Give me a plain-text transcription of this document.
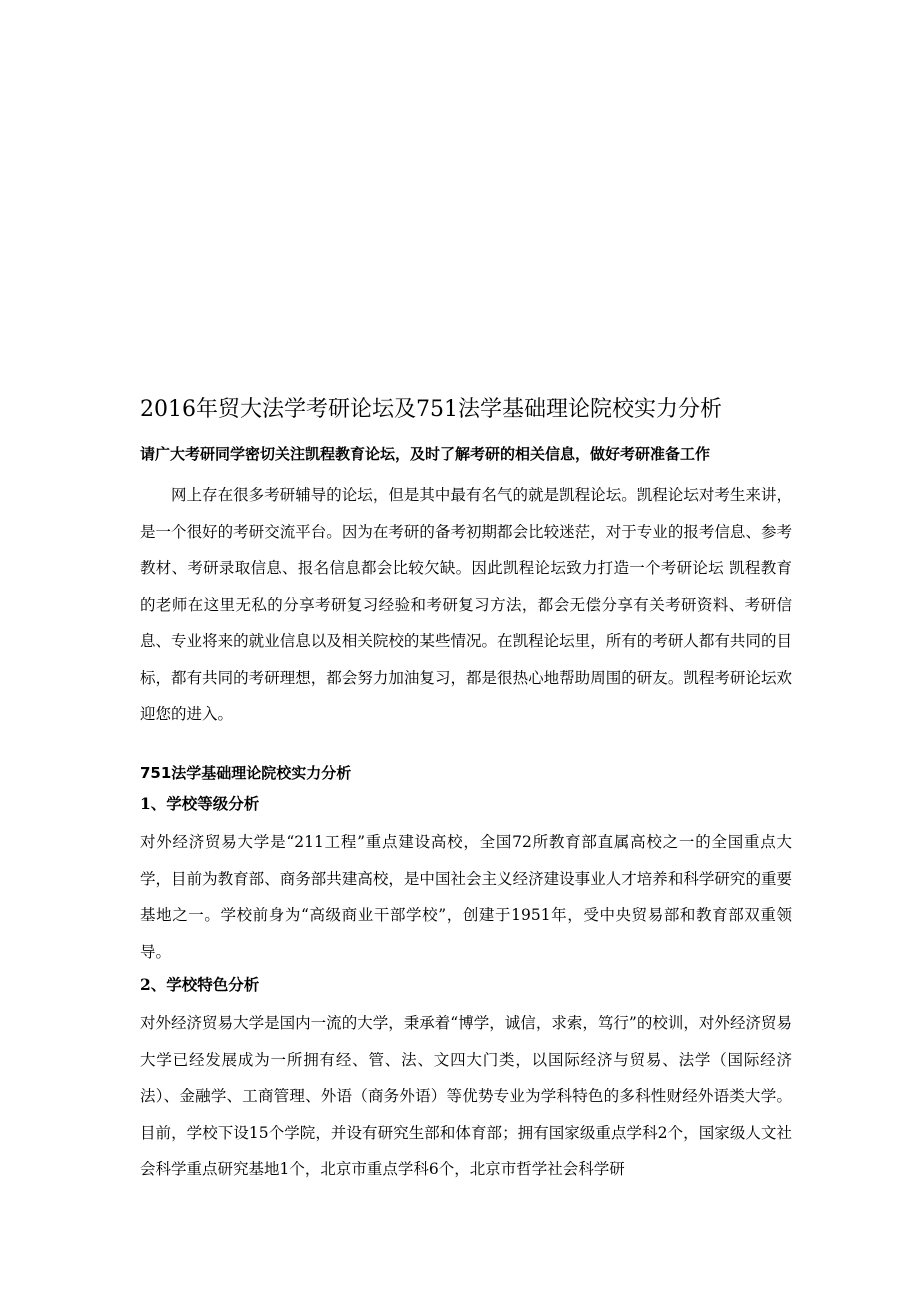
2016年贸大法学考研论坛及751法学基础理论院校实力分析

请广大考研同学密切关注凯程教育论坛，及时了解考研的相关信息，做好考研准备工作

网上存在很多考研辅导的论坛，但是其中最有名气的就是凯程论坛。凯程论坛对考生来讲，是一个很好的考研交流平台。因为在考研的备考初期都会比较迷茫，对于专业的报考信息、参考教材、考研录取信息、报名信息都会比较欠缺。因此凯程论坛致力打造一个考研论坛 凯程教育的老师在这里无私的分享考研复习经验和考研复习方法，都会无偿分享有关考研资料、考研信息、专业将来的就业信息以及相关院校的某些情况。在凯程论坛里，所有的考研人都有共同的目标，都有共同的考研理想，都会努力加油复习，都是很热心地帮助周围的研友。凯程考研论坛欢迎您的进入。

751法学基础理论院校实力分析
1、学校等级分析

对外经济贸易大学是“211工程”重点建设高校，全国72所教育部直属高校之一的全国重点大学，目前为教育部、商务部共建高校，是中国社会主义经济建设事业人才培养和科学研究的重要基地之一。学校前身为“高级商业干部学校”，创建于1951年，受中央贸易部和教育部双重领导。

2、学校特色分析

对外经济贸易大学是国内一流的大学，秉承着“博学，诚信，求索，笃行”的校训，对外经济贸易大学已经发展成为一所拥有经、管、法、文四大门类，以国际经济与贸易、法学（国际经济法）、金融学、工商管理、外语（商务外语）等优势专业为学科特色的多科性财经外语类大学。目前，学校下设15个学院，并设有研究生部和体育部；拥有国家级重点学科2个，国家级人文社会科学重点研究基地1个，北京市重点学科6个，北京市哲学社会科学研
